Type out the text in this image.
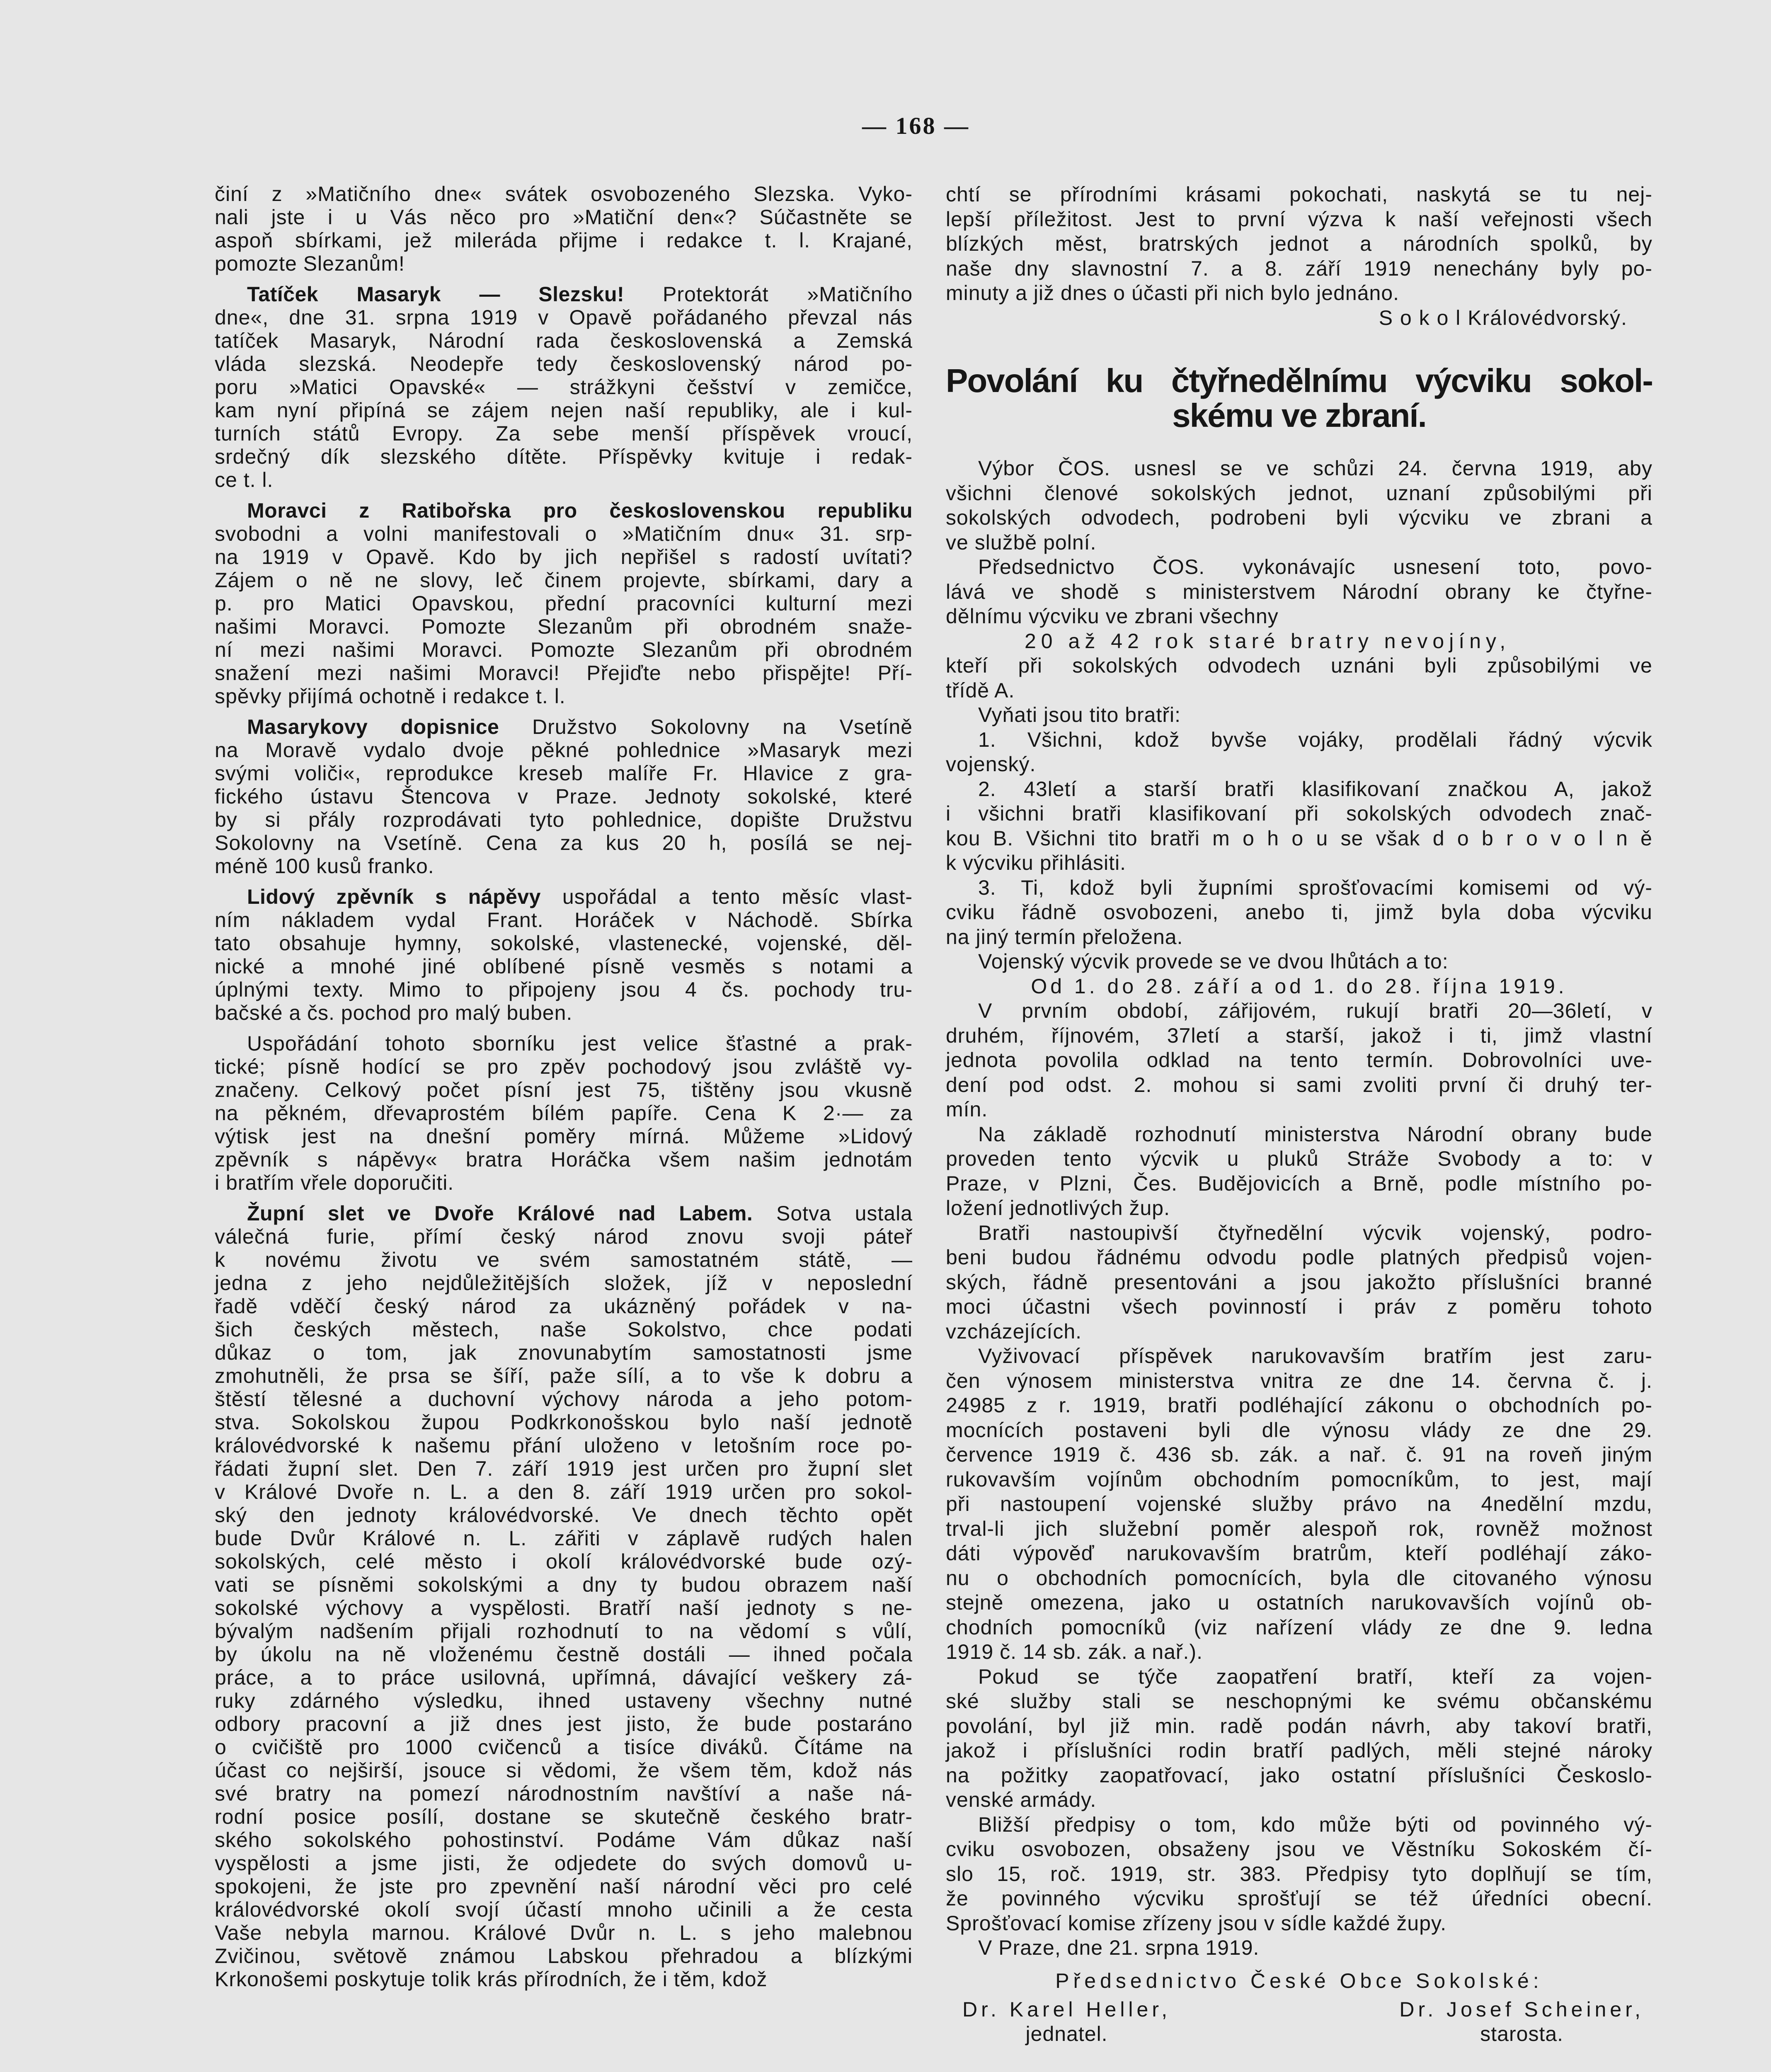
— 168 —
činí z »Matičního dne« svátek osvobozeného Slezska. Vyko-
nali jste i u Vás něco pro »Matiční den«? Súčastněte se
aspoň sbírkami, jež mileráda přijme i redakce t. l. Krajané,
pomozte Slezanům!
Tatíček Masaryk — Slezsku! Protektorát »Matičního
dne«, dne 31. srpna 1919 v Opavě pořádaného převzal nás
tatíček Masaryk, Národní rada československá a Zemská
vláda slezská. Neodepře tedy československý národ po-
poru »Matici Opavské« — strážkyni češství v zemičce,
kam nyní připíná se zájem nejen naší republiky, ale i kul-
turních států Evropy. Za sebe menší příspěvek vroucí,
srdečný dík slezského dítěte. Příspěvky kvituje i redak-
ce t. l.
Moravci z Ratibořska pro československou republiku
svobodni a volni manifestovali o »Matičním dnu« 31. srp-
na 1919 v Opavě. Kdo by jich nepřišel s radostí uvítati?
Zájem o ně ne slovy, leč činem projevte, sbírkami, dary a
p. pro Matici Opavskou, přední pracovníci kulturní mezi
našimi Moravci. Pomozte Slezanům při obrodném snaže-
ní mezi našimi Moravci. Pomozte Slezanům při obrodném
snažení mezi našimi Moravci! Přejiďte nebo přispějte! Pří-
spěvky přijímá ochotně i redakce t. l.
Masarykovy dopisnice Družstvo Sokolovny na Vsetíně
na Moravě vydalo dvoje pěkné pohlednice »Masaryk mezi
svými voliči«, reprodukce kreseb malíře Fr. Hlavice z gra-
fického ústavu Štencova v Praze. Jednoty sokolské, které
by si přály rozprodávati tyto pohlednice, dopište Družstvu
Sokolovny na Vsetíně. Cena za kus 20 h, posílá se nej-
méně 100 kusů franko.
Lidový zpěvník s nápěvy uspořádal a tento měsíc vlast-
ním nákladem vydal Frant. Horáček v Náchodě. Sbírka
tato obsahuje hymny, sokolské, vlastenecké, vojenské, děl-
nické a mnohé jiné oblíbené písně vesměs s notami a
úplnými texty. Mimo to připojeny jsou 4 čs. pochody tru-
bačské a čs. pochod pro malý buben.
Uspořádání tohoto sborníku jest velice šťastné a prak-
tické; písně hodící se pro zpěv pochodový jsou zvláště vy-
značeny. Celkový počet písní jest 75, tištěny jsou vkusně
na pěkném, dřevaprostém bílém papíře. Cena K 2·— za
výtisk jest na dnešní poměry mírná. Můžeme »Lidový
zpěvník s nápěvy« bratra Horáčka všem našim jednotám
i bratřím vřele doporučiti.
Župní slet ve Dvoře Králové nad Labem. Sotva ustala
válečná furie, přímí český národ znovu svoji páteř
k novému životu ve svém samostatném státě, —
jedna z jeho nejdůležitějších složek, jíž v neposlední
řadě vděčí český národ za ukázněný pořádek v na-
šich českých městech, naše Sokolstvo, chce podati
důkaz o tom, jak znovunabytím samostatnosti jsme
zmohutněli, že prsa se šíří, paže sílí, a to vše k dobru a
štěstí tělesné a duchovní výchovy národa a jeho potom-
stva. Sokolskou župou Podkrkonošskou bylo naší jednotě
královédvorské k našemu přání uloženo v letošním roce po-
řádati župní slet. Den 7. září 1919 jest určen pro župní slet
v Králové Dvoře n. L. a den 8. září 1919 určen pro sokol-
ský den jednoty královédvorské. Ve dnech těchto opět
bude Dvůr Králové n. L. zářiti v záplavě rudých halen
sokolských, celé město i okolí královédvorské bude ozý-
vati se písněmi sokolskými a dny ty budou obrazem naší
sokolské výchovy a vyspělosti. Bratří naší jednoty s ne-
bývalým nadšením přijali rozhodnutí to na vědomí s vůlí,
by úkolu na ně vloženému čestně dostáli — ihned počala
práce, a to práce usilovná, upřímná, dávající veškery zá-
ruky zdárného výsledku, ihned ustaveny všechny nutné
odbory pracovní a již dnes jest jisto, že bude postaráno
o cvičiště pro 1000 cvičenců a tisíce diváků. Čítáme na
účast co nejširší, jsouce si vědomi, že všem těm, kdož nás
své bratry na pomezí národnostním navštíví a naše ná-
rodní posice posílí, dostane se skutečně českého bratr-
ského sokolského pohostinství. Podáme Vám důkaz naší
vyspělosti a jsme jisti, že odjedete do svých domovů u-
spokojeni, že jste pro zpevnění naší národní věci pro celé
královédvorské okolí svojí účastí mnoho učinili a že cesta
Vaše nebyla marnou. Králové Dvůr n. L. s jeho malebnou
Zvičinou, světově známou Labskou přehradou a blízkými
Krkonošemi poskytuje tolik krás přírodních, že i těm, kdož
chtí se přírodními krásami pokochati, naskytá se tu nej-
lepší příležitost. Jest to první výzva k naší veřejnosti všech
blízkých měst, bratrských jednot a národních spolků, by
naše dny slavnostní 7. a 8. září 1919 nenechány byly po-
minuty a již dnes o účasti při nich bylo jednáno.
S o k o l Královédvorský.
Povolání ku čtyřnedělnímu výcviku sokol-
skému ve zbraní.
Výbor ČOS. usnesl se ve schůzi 24. června 1919, aby
všichni členové sokolských jednot, uznaní způsobilými při
sokolských odvodech, podrobeni byli výcviku ve zbrani a
ve službě polní.
Předsednictvo ČOS. vykonávajíc usnesení toto, povo-
lává ve shodě s ministerstvem Národní obrany ke čtyřne-
dělnímu výcviku ve zbrani všechny
20 až 42 rok staré bratry nevojíny,
kteří při sokolských odvodech uznáni byli způsobilými ve
třídě A.
Vyňati jsou tito bratři:
1. Všichni, kdož byvše vojáky, prodělali řádný výcvik
vojenský.
2. 43letí a starší bratři klasifikovaní značkou A, jakož
i všichni bratři klasifikovaní při sokolských odvodech znač-
kou B. Všichni tito bratři m o h o u se však d o b r o v o l n ě
k výcviku přihlásiti.
3. Ti, kdož byli župními sprošťovacími komisemi od vý-
cviku řádně osvobozeni, anebo ti, jimž byla doba výcviku
na jiný termín přeložena.
Vojenský výcvik provede se ve dvou lhůtách a to:
Od 1. do 28. září a od 1. do 28. října 1919.
V prvním období, zářijovém, rukují bratři 20—36letí, v
druhém, říjnovém, 37letí a starší, jakož i ti, jimž vlastní
jednota povolila odklad na tento termín. Dobrovolníci uve-
dení pod odst. 2. mohou si sami zvoliti první či druhý ter-
mín.
Na základě rozhodnutí ministerstva Národní obrany bude
proveden tento výcvik u pluků Stráže Svobody a to: v
Praze, v Plzni, Čes. Budějovicích a Brně, podle místního po-
ložení jednotlivých žup.
Bratři nastoupivší čtyřnedělní výcvik vojenský, podro-
beni budou řádnému odvodu podle platných předpisů vojen-
ských, řádně presentováni a jsou jakožto příslušníci branné
moci účastni všech povinností i práv z poměru tohoto
vzcházejících.
Vyživovací příspěvek narukovavším bratřím jest zaru-
čen výnosem ministerstva vnitra ze dne 14. června č. j.
24985 z r. 1919, bratři podléhající zákonu o obchodních po-
mocnících postaveni byli dle výnosu vlády ze dne 29.
července 1919 č. 436 sb. zák. a nař. č. 91 na roveň jiným
rukovavším vojínům obchodním pomocníkům, to jest, mají
při nastoupení vojenské služby právo na 4nedělní mzdu,
trval-li jich služební poměr alespoň rok, rovněž možnost
dáti výpověď narukovavším bratrům, kteří podléhají záko-
nu o obchodních pomocnících, byla dle citovaného výnosu
stejně omezena, jako u ostatních narukovavších vojínů ob-
chodních pomocníků (viz nařízení vlády ze dne 9. ledna
1919 č. 14 sb. zák. a nař.).
Pokud se týče zaopatření bratří, kteří za vojen-
ské služby stali se neschopnými ke svému občanskému
povolání, byl již min. radě podán návrh, aby takoví bratři,
jakož i příslušníci rodin bratří padlých, měli stejné nároky
na požitky zaopatřovací, jako ostatní příslušníci Českoslo-
venské armády.
Bližší předpisy o tom, kdo může býti od povinného vý-
cviku osvobozen, obsaženy jsou ve Věstníku Sokoském čí-
slo 15, roč. 1919, str. 383. Předpisy tyto doplňují se tím,
že povinného výcviku sprošťují se též úředníci obecní.
Sprošťovací komise zřízeny jsou v sídle každé župy.
V Praze, dne 21. srpna 1919.
Předsednictvo České Obce Sokolské:
Dr. Karel Heller,
jednatel.
Dr. Josef Scheiner,
starosta.
